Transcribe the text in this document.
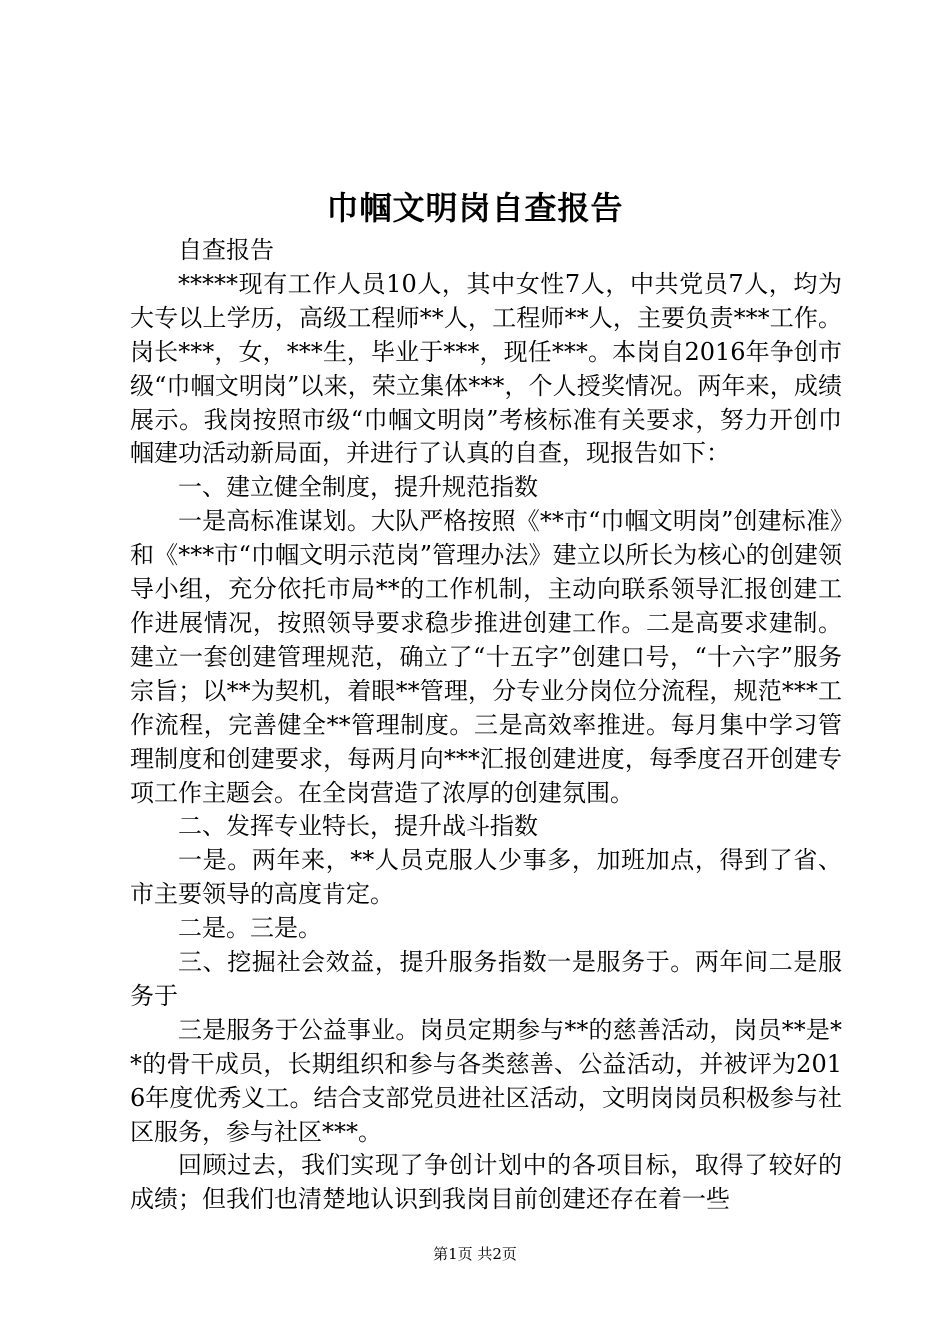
巾帼文明岗自查报告

自查报告

*****现有工作人员10人，其中女性7人，中共党员7人，均为大专以上学历，高级工程师**人，工程师**人，主要负责***工作。岗长***，女，***生，毕业于***，现任***。本岗自2016年争创市级“巾帼文明岗”以来，荣立集体***，个人授奖情况。两年来，成绩展示。我岗按照市级“巾帼文明岗”考核标准有关要求，努力开创巾帼建功活动新局面，并进行了认真的自查，现报告如下：

一、建立健全制度，提升规范指数

一是高标准谋划。大队严格按照《**市“巾帼文明岗”创建标准》和《***市“巾帼文明示范岗”管理办法》建立以所长为核心的创建领导小组，充分依托市局**的工作机制，主动向联系领导汇报创建工作进展情况，按照领导要求稳步推进创建工作。二是高要求建制。建立一套创建管理规范，确立了“十五字”创建口号，“十六字”服务宗旨；以**为契机，着眼**管理，分专业分岗位分流程，规范***工作流程，完善健全**管理制度。三是高效率推进。每月集中学习管理制度和创建要求，每两月向***汇报创建进度，每季度召开创建专项工作主题会。在全岗营造了浓厚的创建氛围。

二、发挥专业特长，提升战斗指数

一是。两年来，**人员克服人少事多，加班加点，得到了省、市主要领导的高度肯定。

二是。三是。

三、挖掘社会效益，提升服务指数一是服务于。两年间二是服务于

三是服务于公益事业。岗员定期参与**的慈善活动，岗员**是**的骨干成员，长期组织和参与各类慈善、公益活动，并被评为2016年度优秀义工。结合支部党员进社区活动，文明岗岗员积极参与社区服务，参与社区***。

回顾过去，我们实现了争创计划中的各项目标，取得了较好的成绩；但我们也清楚地认识到我岗目前创建还存在着一些

第1页 共2页
